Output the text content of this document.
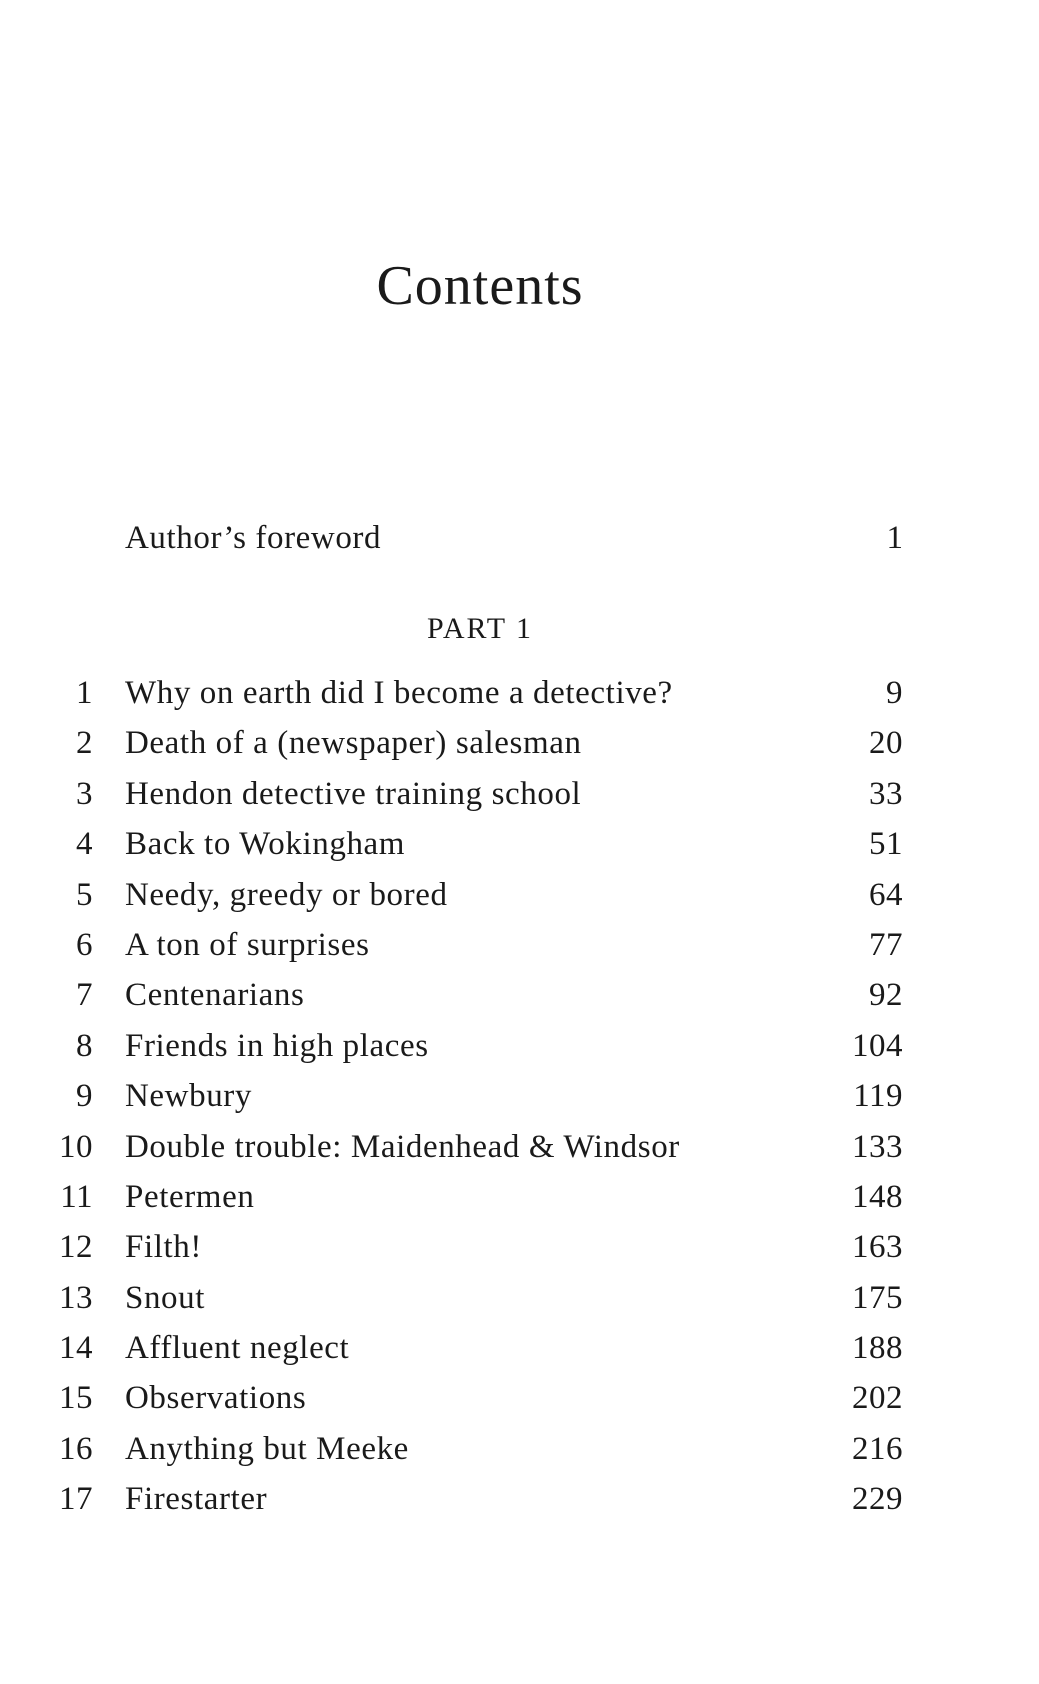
Contents
Author’s foreword	1
PART 1
1 Why on earth did I become a detective?	9
2 Death of a (newspaper) salesman	20
3 Hendon detective training school	33
4 Back to Wokingham	51
5 Needy, greedy or bored	64
6 A ton of surprises	77
7 Centenarians	92
8 Friends in high places	104
9 Newbury	119
10 Double trouble: Maidenhead & Windsor	133
11 Petermen	148
12 Filth!	163
13 Snout	175
14 Affluent neglect	188
15 Observations	202
16 Anything but Meeke	216
17 Firestarter	229
